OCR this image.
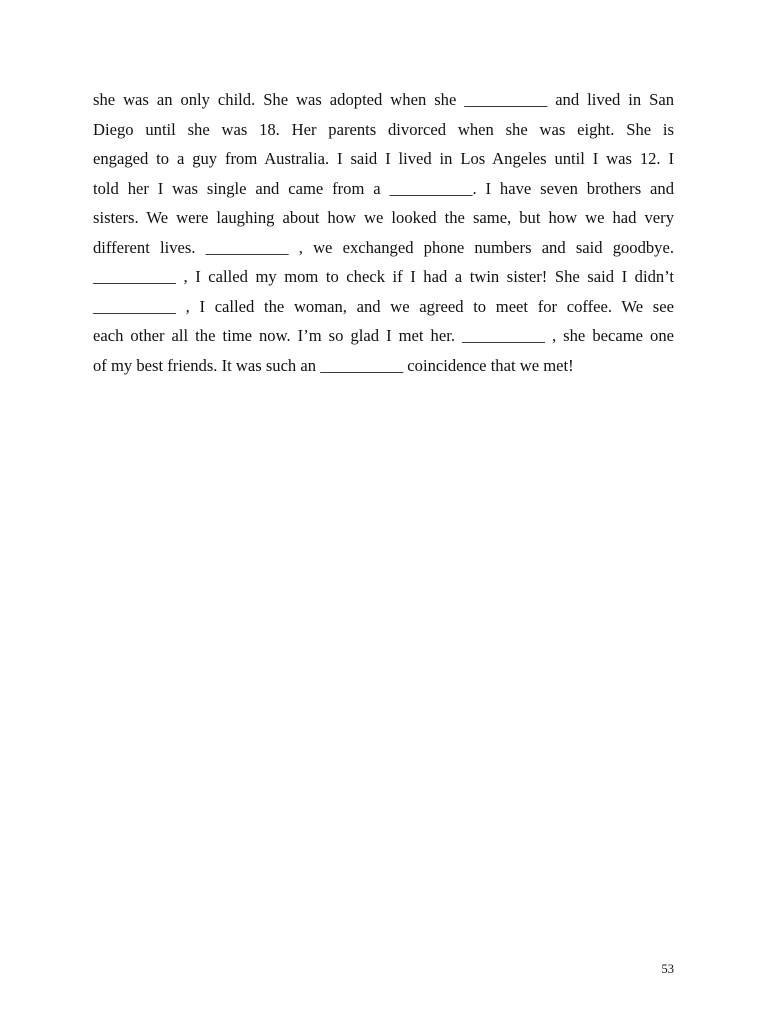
she was an only child. She was adopted when she __________ and lived in San
Diego until she was 18. Her parents divorced when she was eight. She is
engaged to a guy from Australia. I said I lived in Los Angeles until I was 12. I
told her I was single and came from a __________. I have seven brothers and
sisters. We were laughing about how we looked the same, but how we had very
different lives. __________ , we exchanged phone numbers and said goodbye.
__________ , I called my mom to check if I had a twin sister! She said I didn’t
__________ , I called the woman, and we agreed to meet for coffee. We see
each other all the time now. I’m so glad I met her. __________ , she became one
of my best friends. It was such an __________ coincidence that we met!
53
